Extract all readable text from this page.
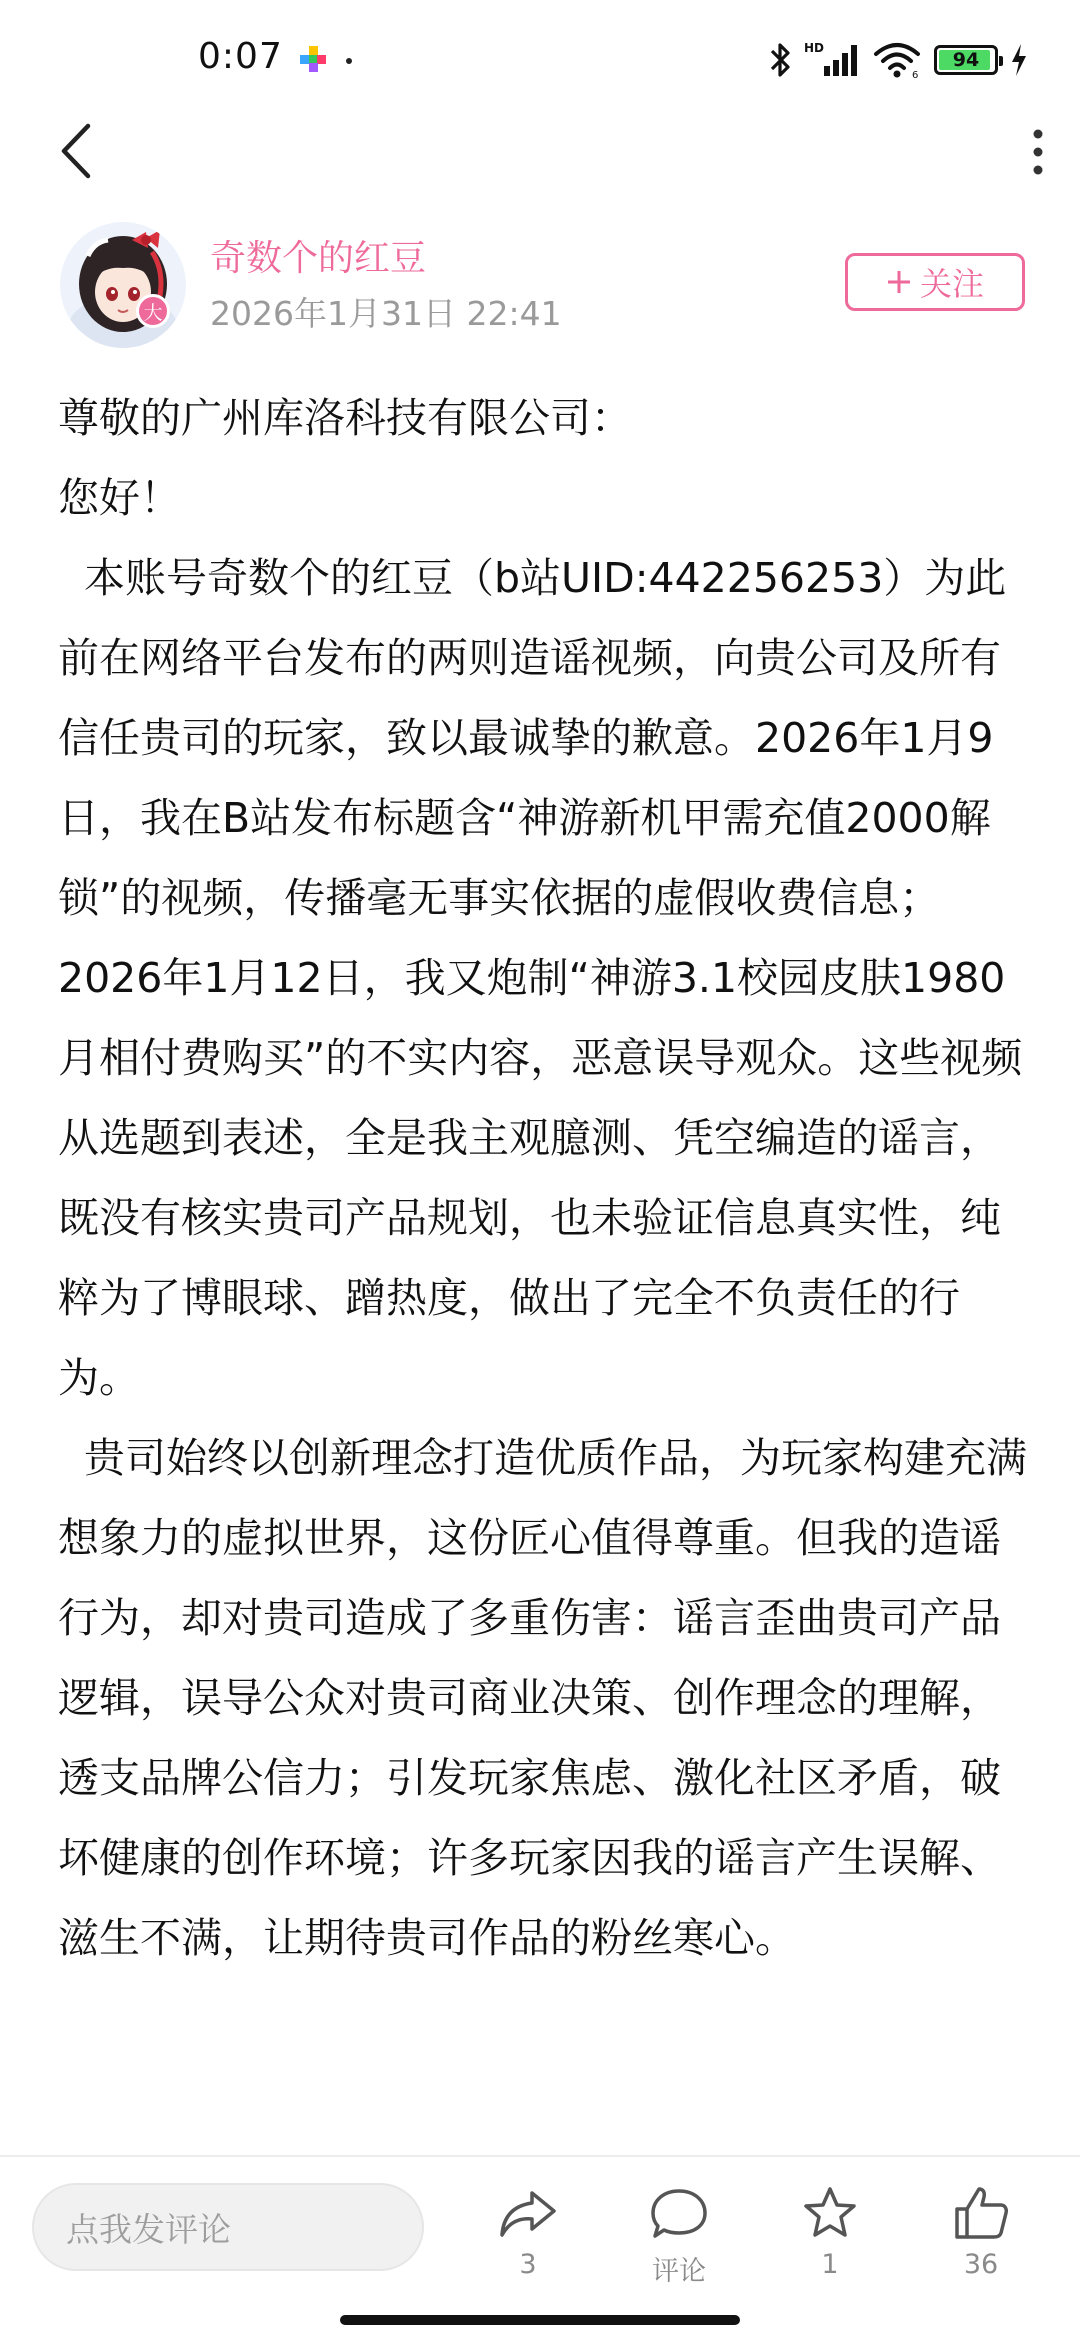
0:07	HD
6
94
大
奇数个的红豆
2026年1月31日 22:41
关注

尊敬的广州库洛科技有限公司：

您好！

本账号奇数个的红豆（b站UID:442256253）为此前在网络平台发布的两则造谣视频，向贵公司及所有信任贵司的玩家，致以最诚挚的歉意。2026年1月9日，我在B站发布标题含“神游新机甲需充值2000解锁”的视频，传播毫无事实依据的虚假收费信息；2026年1月12日，我又炮制“神游3.1校园皮肤1980月相付费购买”的不实内容，恶意误导观众。这些视频从选题到表述，全是我主观臆测、凭空编造的谣言，既没有核实贵司产品规划，也未验证信息真实性，纯粹为了博眼球、蹭热度，做出了完全不负责任的行为。

贵司始终以创新理念打造优质作品，为玩家构建充满想象力的虚拟世界，这份匠心值得尊重。但我的造谣行为，却对贵司造成了多重伤害：谣言歪曲贵司产品逻辑，误导公众对贵司商业决策、创作理念的理解，透支品牌公信力；引发玩家焦虑、激化社区矛盾，破坏健康的创作环境；许多玩家因我的谣言产生误解、滋生不满，让期待贵司作品的粉丝寒心。

点我发评论
3	评论	1	36
